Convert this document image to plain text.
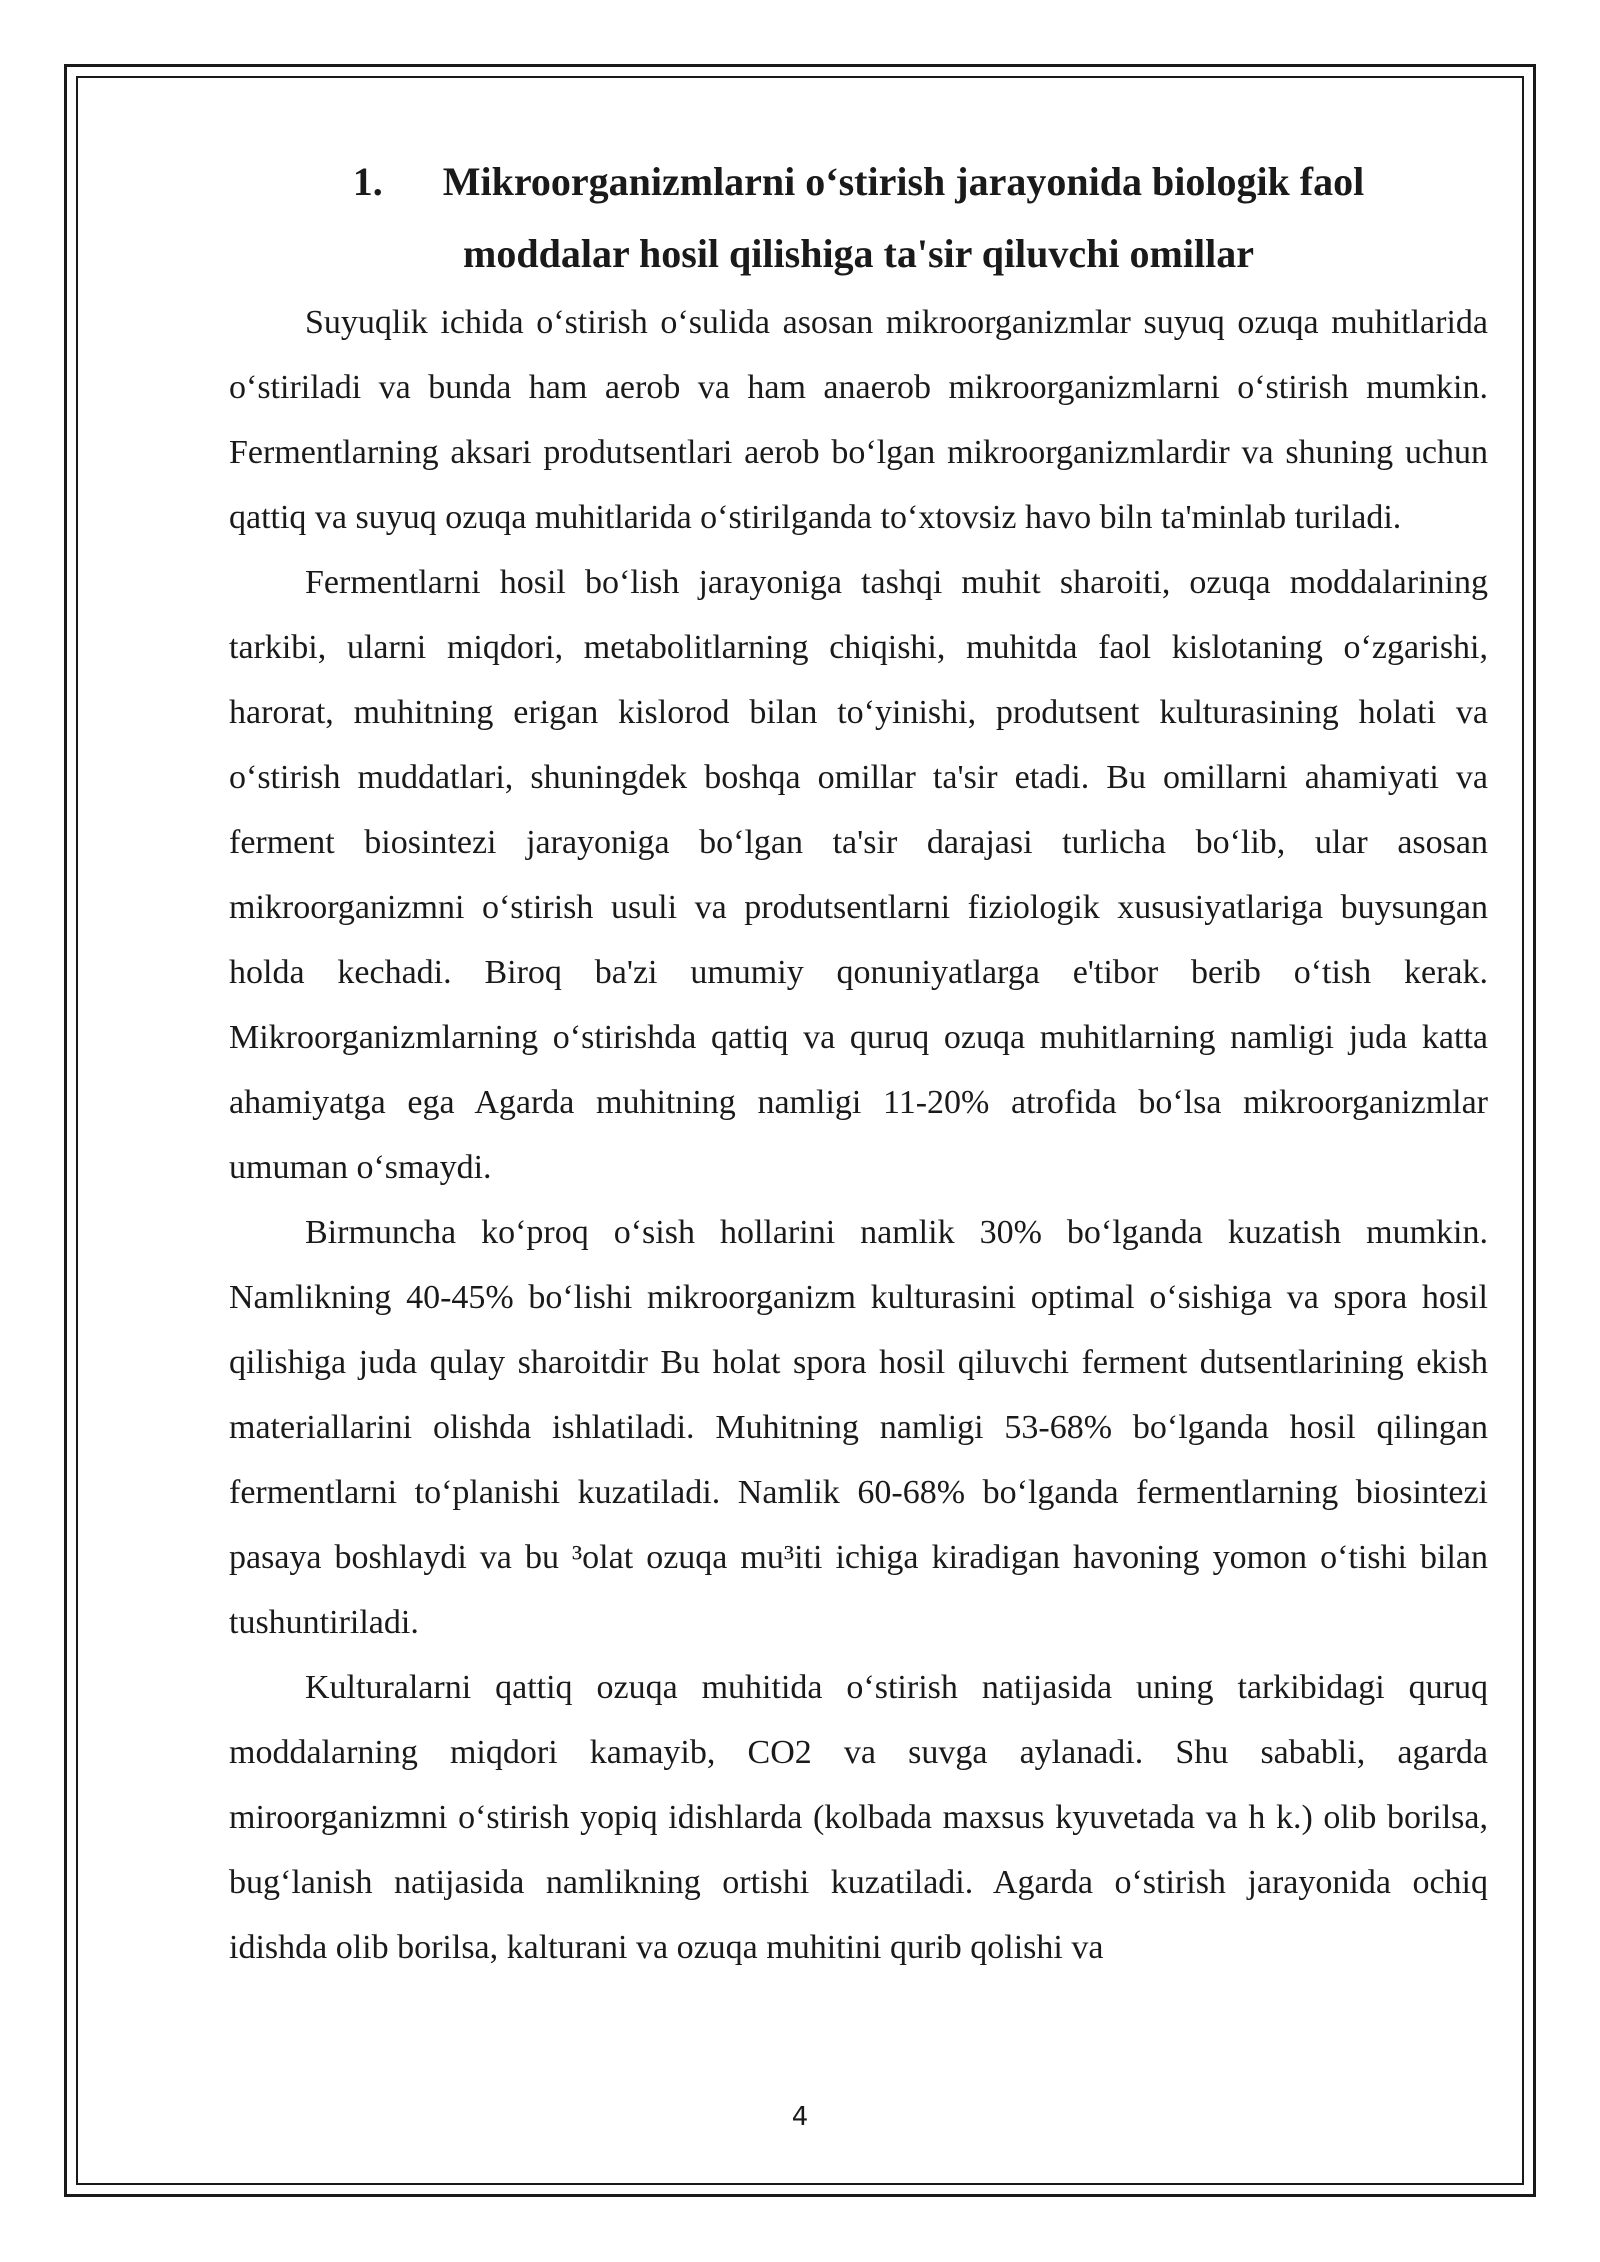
1. Mikroorganizmlarni o‘stirish jarayonida biologik faol
moddalar hosil qilishiga ta'sir qiluvchi omillar

Suyuqlik ichida o‘stirish o‘sulida asosan mikroorganizmlar suyuq ozuqa muhitlarida o‘stiriladi va bunda ham aerob va ham anaerob mikroorganizmlarni o‘stirish mumkin. Fermentlarning aksari produtsentlari aerob bo‘lgan mikroorganizmlardir va shuning uchun qattiq va suyuq ozuqa muhitlarida o‘stirilganda to‘xtovsiz havo biln ta'minlab turiladi.

Fermentlarni hosil bo‘lish jarayoniga tashqi muhit sharoiti, ozuqa moddalarining tarkibi, ularni miqdori, metabolitlarning chiqishi, muhitda faol kislotaning o‘zgarishi, harorat, muhitning erigan kislorod bilan to‘yinishi, produtsent kulturasining holati va o‘stirish muddatlari, shuningdek boshqa omillar ta'sir etadi. Bu omillarni ahamiyati va ferment biosintezi jarayoniga bo‘lgan ta'sir darajasi turlicha bo‘lib, ular asosan mikroorganizmni o‘stirish usuli va produtsentlarni fiziologik xususiyatlariga buysungan holda kechadi. Biroq ba'zi umumiy qonuniyatlarga e'tibor berib o‘tish kerak. Mikroorganizmlarning o‘stirishda qattiq va quruq ozuqa muhitlarning namligi juda katta ahamiyatga ega Agarda muhitning namligi 11-20% atrofida bo‘lsa mikroorganizmlar umuman o‘smaydi.

Birmuncha ko‘proq o‘sish hollarini namlik 30% bo‘lganda kuzatish mumkin. Namlikning 40-45% bo‘lishi mikroorganizm kulturasini optimal o‘sishiga va spora hosil qilishiga juda qulay sharoitdir Bu holat spora hosil qiluvchi ferment dutsentlarining ekish materiallarini olishda ishlatiladi. Muhitning namligi 53-68% bo‘lganda hosil qilingan fermentlarni to‘planishi kuzatiladi. Namlik 60-68% bo‘lganda fermentlarning biosintezi pasaya boshlaydi va bu ³olat ozuqa mu³iti ichiga kiradigan havoning yomon o‘tishi bilan tushuntiriladi.

Kulturalarni qattiq ozuqa muhitida o‘stirish natijasida uning tarkibidagi quruq moddalarning miqdori kamayib, CO2 va suvga aylanadi. Shu sababli, agarda miroorganizmni o‘stirish yopiq idishlarda (kolbada maxsus kyuvetada va h k.) olib borilsa, bug‘lanish natijasida namlikning ortishi kuzatiladi. Agarda o‘stirish jarayonida ochiq idishda olib borilsa, kalturani va ozuqa muhitini qurib qolishi va

4
